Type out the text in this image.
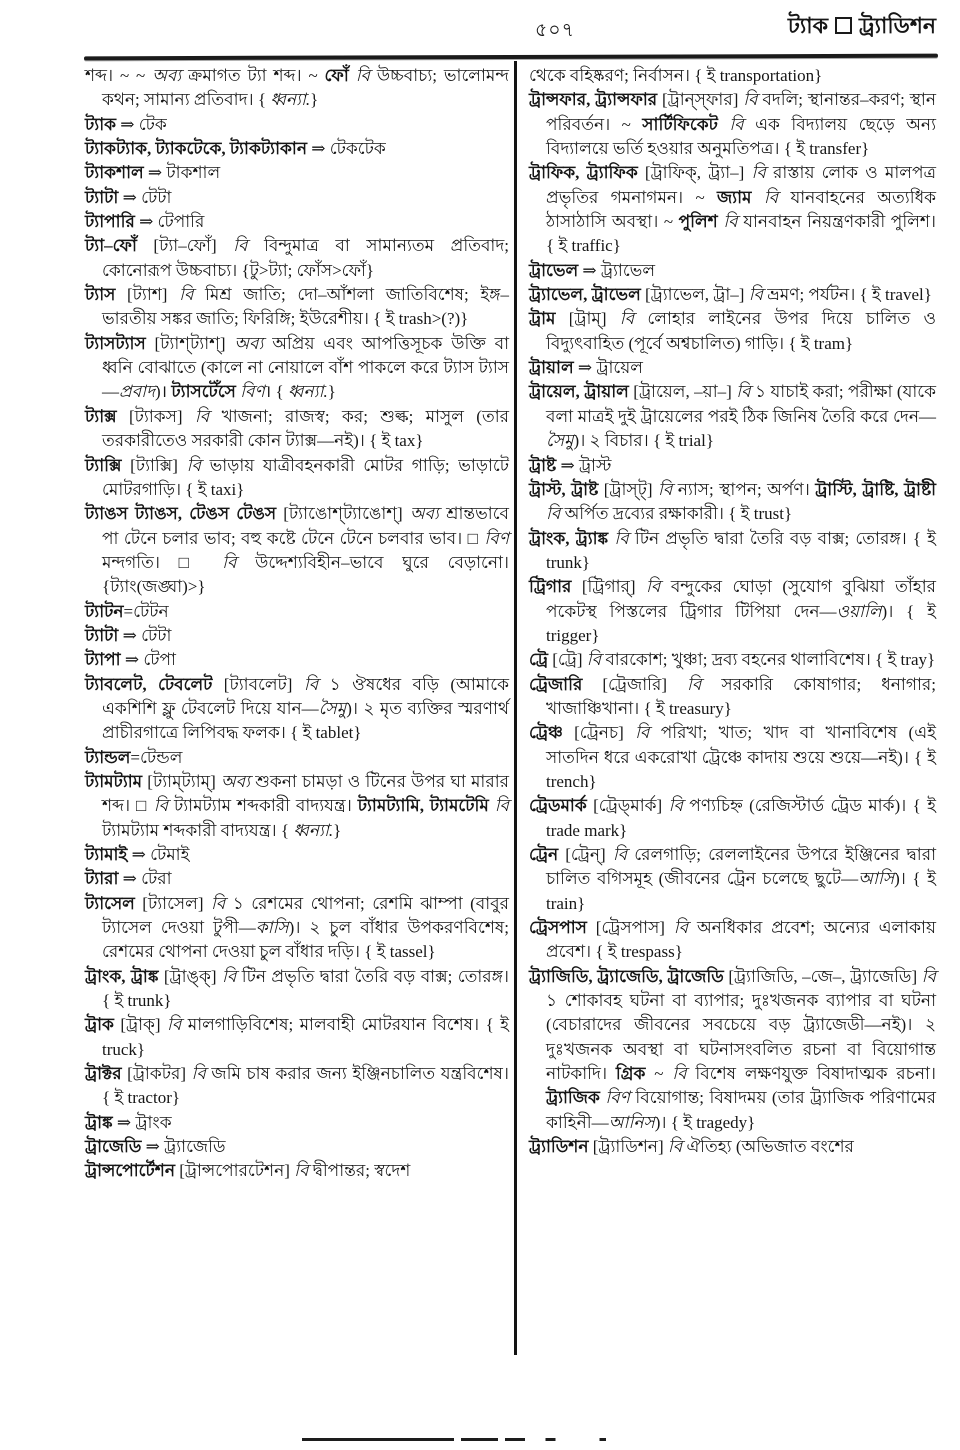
৫০৭	ট্যাক ট্র্যাডিশন

শব্দ। ~ ~ অব্য ক্রমাগত ট্যা শব্দ। ~ ফোঁ বি উচ্চবাচ্য; ভালোমন্দ কথন; সামান্য প্রতিবাদ। { ধ্বন্যা.}

ট্যাক ⇒ টেক

ট্যাকট্যাক, ট্যাকটেকে, ট্যাকট্যাকান ⇒ টেকটেক

ট্যাকশাল ⇒ টাকশাল

ট্যাটা ⇒ টেটা

ট্যাপারি ⇒ টেপারি

ট্যা–ফোঁ [ট্যা–ফোঁ] বি বিন্দুমাত্র বা সামান্যতম প্রতিবাদ; কোনোরূপ উচ্চবাচ্য। {টু>ট্যা; ফোঁস>ফোঁ}

ট্যাস [ট্যাশ] বি মিশ্র জাতি; দো–আঁশলা জাতিবিশেষ; ইঙ্গ–ভারতীয় সঙ্কর জাতি; ফিরিঙ্গি; ইউরেশীয়। { ই trash>(?)}

ট্যাসট্যাস [ট্যাশ্‌ট্যাশ্] অব্য অপ্রিয় এবং আপত্তিসূচক উক্তি বা ধ্বনি বোঝাতে (কালে না নোয়ালে বাঁশ পাকলে করে ট্যাস ট্যাস—প্রবাদ)। ট্যাসটেঁসে বিণ। { ধ্বন্যা.}

ট্যাক্স [ট্যাকস] বি খাজনা; রাজস্ব; কর; শুল্ক; মাসুল (তার তরকারীতেও সরকারী কোন ট্যাক্স—নই)। { ই tax}

ট্যাক্সি [ট্যাক্সি] বি ভাড়ায় যাত্রীবহনকারী মোটর গাড়ি; ভাড়াটে মোটরগাড়ি। { ই taxi}

ট্যাঙস ট্যাঙস, টেঙস টেঙস [ট্যাঙোশ্‌ট্যাঙোশ্] অব্য শ্রান্তভাবে পা টেনে চলার ভাব; বহু কষ্টে টেনে টেনে চলবার ভাব। □ বিণ মন্দগতি। □ বি উদ্দেশ্যবিহীন–ভাবে ঘুরে বেড়ানো। {ট্যাং(জঙ্ঘা)>}

ট্যাটন=টেটন

ট্যাটা ⇒ টেটা

ট্যাপা ⇒ টেপা

ট্যাবলেট, টেবলেট [ট্যাবলেট] বি ১ ঔষধের বড়ি (আমাকে একশিশি ফ্লু টেবলেট দিয়ে যান—সৈমু)। ২ মৃত ব্যক্তির স্মরণার্থ প্রাচীরগাত্রে লিপিবদ্ধ ফলক। { ই tablet}

ট্যান্ডল=টেন্ডল

ট্যামট্যাম [ট্যাম্‌ট্যাম্] অব্য শুকনা চামড়া ও টিনের উপর ঘা মারার শব্দ। □ বি ট্যামট্যাম শব্দকারী বাদ্যযন্ত্র। ট্যামট্যামি, ট্যামটেমি বি ট্যামট্যাম শব্দকারী বাদ্যযন্ত্র। { ধ্বন্যা.}

ট্যামাই ⇒ টেমাই

ট্যারা ⇒ টেরা

ট্যাসেল [ট্যাসেল] বি ১ রেশমের থোপনা; রেশমি ঝাম্পা (বাবুর ট্যাসেল দেওয়া টুপী—কাসি)। ২ চুল বাঁধার উপকরণবিশেষ; রেশমের থোপনা দেওয়া চুল বাঁধার দড়ি। { ই tassel}

ট্রাংক, ট্রাঙ্ক [ট্রাঙ্ক্] বি টিন প্রভৃতি দ্বারা তৈরি বড় বাক্স; তোরঙ্গ। { ই trunk}

ট্রাক [ট্রাক্] বি মালগাড়িবিশেষ; মালবাহী মোটরযান বিশেষ। { ই truck}

ট্রাক্টর [ট্রাকটর] বি জমি চাষ করার জন্য ইঞ্জিনচালিত যন্ত্রবিশেষ। { ই tractor}

ট্রাঙ্ক ⇒ ট্রাংক

ট্রাজেডি ⇒ ট্র্যাজেডি

ট্রান্সপোর্টেশন [ট্রান্সপোরটেশন] বি দ্বীপান্তর; স্বদেশ

থেকে বহিষ্করণ; নির্বাসন। { ই transportation}

ট্রান্সফার, ট্র্যান্সফার [ট্রান্‌স্‌ফার] বি বদলি; স্থানান্তর–করণ; স্থান পরিবর্তন। ~ সার্টিফিকেট বি এক বিদ্যালয় ছেড়ে অন্য বিদ্যালয়ে ভর্তি হওয়ার অনুমতিপত্র। { ই transfer}

ট্রাফিক, ট্র্যাফিক [ট্রাফিক্, ট্র্যা–] বি রাস্তায় লোক ও মালপত্র প্রভৃতির গমনাগমন। ~ জ্যাম বি যানবাহনের অত্যধিক ঠাসাঠাসি অবস্থা। ~ পুলিশ বি যানবাহন নিয়ন্ত্রণকারী পুলিশ। { ই traffic}

ট্রাভেল ⇒ ট্র্যাভেল

ট্র্যাভেল, ট্রাভেল [ট্র্যাভেল, ট্রা–] বি ভ্রমণ; পর্যটন। { ই travel}

ট্রাম [ট্রাম্] বি লোহার লাইনের উপর দিয়ে চালিত ও বিদ্যুৎবাহিত (পূর্বে অশ্বচালিত) গাড়ি। { ই tram}

ট্রায়াল ⇒ ট্রায়েল

ট্রায়েল, ট্রায়াল [ট্রায়েল, –য়া–] বি ১ যাচাই করা; পরীক্ষা (যাকে বলা মাত্রই দুই ট্রায়েলের পরই ঠিক জিনিষ তৈরি করে দেন—সৈমু)। ২ বিচার। { ই trial}

ট্রাষ্ট ⇒ ট্রাস্ট

ট্রাস্ট, ট্রাষ্ট [ট্রাস্ট্] বি ন্যাস; স্থাপন; অর্পণ। ট্রাস্টি, ট্রাষ্টি, ট্রাষ্টী বি অর্পিত দ্রব্যের রক্ষাকারী। { ই trust}

ট্রাংক, ট্র্যাঙ্ক বি টিন প্রভৃতি দ্বারা তৈরি বড় বাক্স; তোরঙ্গ। { ই trunk}

ট্রিগার [ট্রিগার্] বি বন্দুকের ঘোড়া (সুযোগ বুঝিয়া তাঁহার পকেটস্থ পিস্তলের ট্রিগার টিপিয়া দেন—ওয়ালি)। { ই trigger}

ট্রে [ট্রে] বি বারকোশ; খুঞ্চা; দ্রব্য বহনের থালাবিশেষ। { ই tray}

ট্রেজারি [ট্রেজারি] বি সরকারি কোষাগার; ধনাগার; খাজাঞ্চিখানা। { ই treasury}

ট্রেঞ্চ [ট্রেনচ] বি পরিখা; খাত; খাদ বা খানাবিশেষ (এই সাতদিন ধরে একরোখা ট্রেঞ্চে কাদায় শুয়ে শুয়ে—নই)। { ই trench}

ট্রেডমার্ক [ট্রেড্‌মার্ক] বি পণ্যচিহ্ন (রেজিস্টার্ড ট্রেড মার্ক)। { ই trade mark}

ট্রেন [ট্রেন্] বি রেলগাড়ি; রেললাইনের উপরে ইঞ্জিনের দ্বারা চালিত বগিসমূহ (জীবনের ট্রেন চলেছে ছুটে—আসি)। { ই train}

ট্রেসপাস [ট্রেসপাস] বি অনধিকার প্রবেশ; অন্যের এলাকায় প্রবেশ। { ই trespass}

ট্র্যাজিডি, ট্র্যাজেডি, ট্রাজেডি [ট্র্যাজিডি, –জে–, ট্র্যাজেডি] বি ১ শোকাবহ ঘটনা বা ব্যাপার; দুঃখজনক ব্যাপার বা ঘটনা (বেচারাদের জীবনের সবচেয়ে বড় ট্র্যাজেডী—নই)। ২ দুঃখজনক অবস্থা বা ঘটনাসংবলিত রচনা বা বিয়োগান্ত নাটকাদি। গ্রিক ~ বি বিশেষ লক্ষণযুক্ত বিষাদাত্মক রচনা। ট্র্যাজিক বিণ বিয়োগান্ত; বিষাদময় (তার ট্র্যাজিক পরিণামের কাহিনী—আনিস)। { ই tragedy}

ট্র্যাডিশন [ট্র্যাডিশন] বি ঐতিহ্য (অভিজাত বংশের
